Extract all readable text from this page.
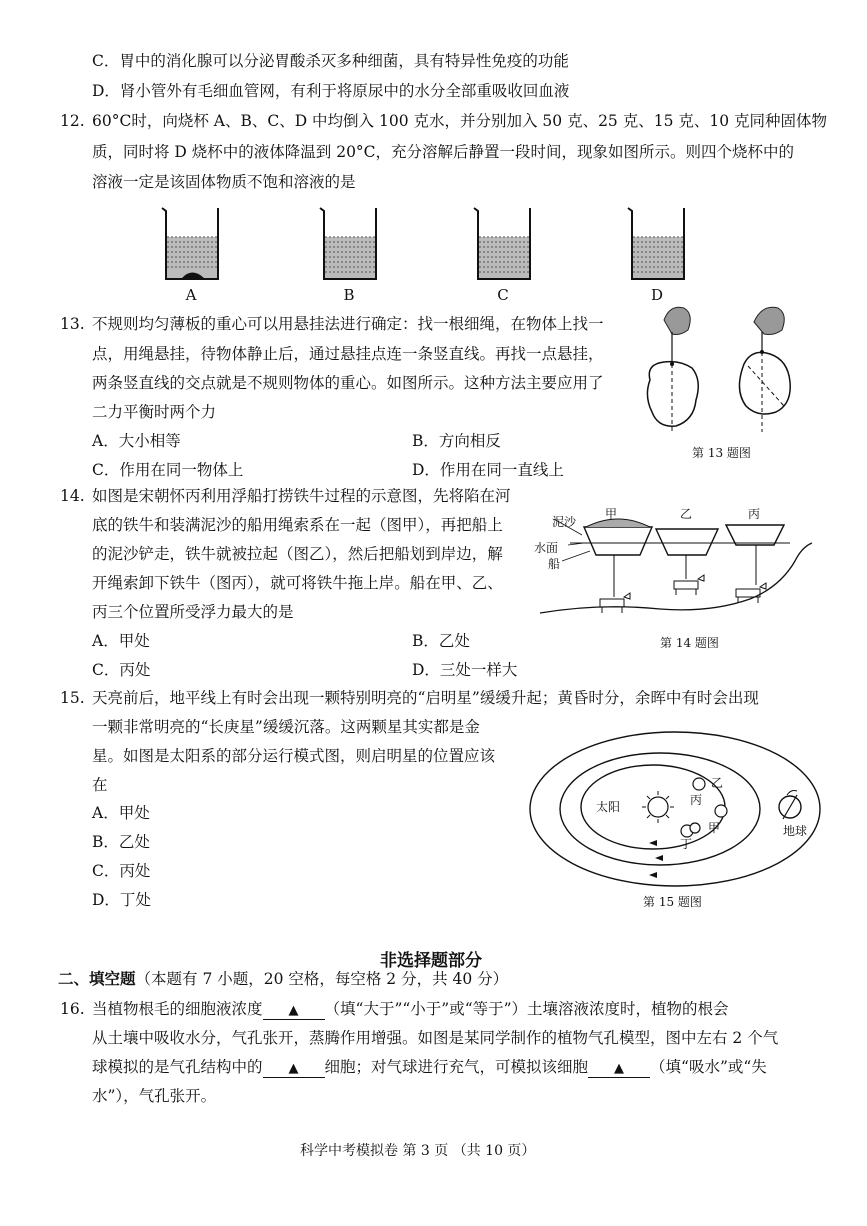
C．胃中的消化腺可以分泌胃酸杀灭多种细菌，具有特异性免疫的功能
D．肾小管外有毛细血管网，有利于将原尿中的水分全部重吸收回血液
12. 60°C时，向烧杯 A、B、C、D 中均倒入 100 克水，并分别加入 50 克、25 克、15 克、10 克同种固体物
质，同时将 D 烧杯中的液体降温到 20°C，充分溶解后静置一段时间，现象如图所示。则四个烧杯中的
溶液一定是该固体物质不饱和溶液的是
A	B	C	D
13. 不规则均匀薄板的重心可以用悬挂法进行确定：找一根细绳，在物体上找一
点，用绳悬挂，待物体静止后，通过悬挂点连一条竖直线。再找一点悬挂，
两条竖直线的交点就是不规则物体的重心。如图所示。这种方法主要应用了
二力平衡时两个力
A．大小相等	B．方向相反
C．作用在同一物体上	D．作用在同一直线上
第 13 题图
14. 如图是宋朝怀丙利用浮船打捞铁牛过程的示意图，先将陷在河
底的铁牛和装满泥沙的船用绳索系在一起（图甲），再把船上
的泥沙铲走，铁牛就被拉起（图乙），然后把船划到岸边，解
开绳索卸下铁牛（图丙），就可将铁牛拖上岸。船在甲、乙、
丙三个位置所受浮力最大的是
A．甲处	B．乙处
C．丙处	D．三处一样大
甲	乙	丙
泥沙
水面
船
第 14 题图
15. 天亮前后，地平线上有时会出现一颗特别明亮的“启明星”缓缓升起；黄昏时分，余晖中有时会出现
一颗非常明亮的“长庚星”缓缓沉落。这两颗星其实都是金
星。如图是太阳系的部分运行模式图，则启明星的位置应该
在
A．甲处
B．乙处
C．丙处
D．丁处
太阳
地球
乙
丙
甲
丁
第 15 题图
非选择题部分
二、填空题（本题有 7 小题，20 空格，每空格 2 分，共 40 分）
16. 当植物根毛的细胞液浓度 ▲ （填“大于”“小于”或“等于”）土壤溶液浓度时，植物的根会
从土壤中吸收水分，气孔张开，蒸腾作用增强。如图是某同学制作的植物气孔模型，图中左右 2 个气
球模拟的是气孔结构中的 ▲ 细胞；对气球进行充气，可模拟该细胞 ▲ （填“吸水”或“失
水”），气孔张开。
科学中考模拟卷 第 3 页 （共 10 页）
